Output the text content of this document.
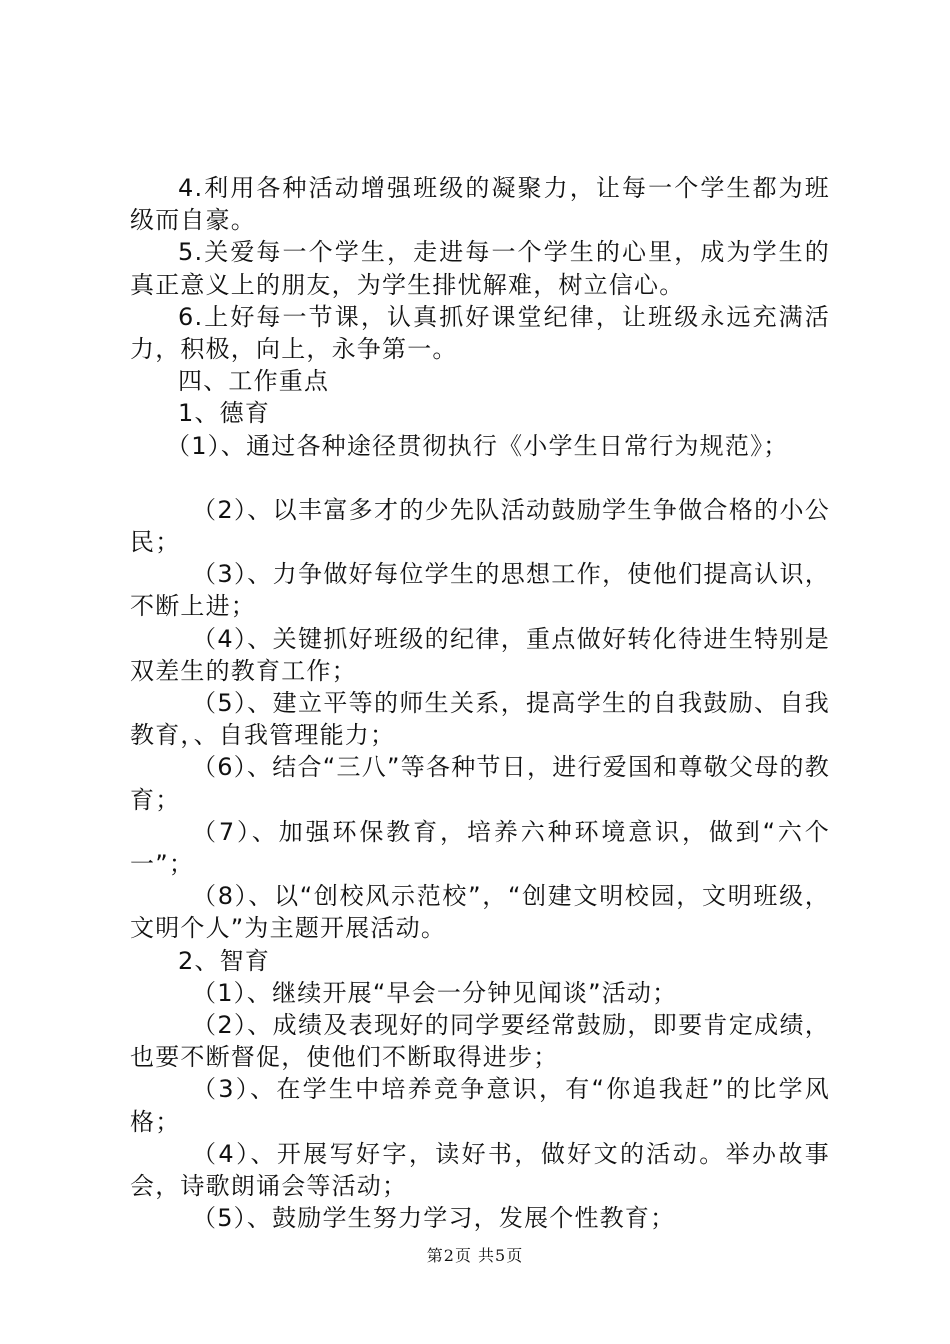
4.利用各种活动增强班级的凝聚力，让每一个学生都为班级而自豪。

5.关爱每一个学生，走进每一个学生的心里，成为学生的真正意义上的朋友，为学生排忧解难，树立信心。

6.上好每一节课，认真抓好课堂纪律，让班级永远充满活力，积极，向上，永争第一。

四、工作重点

1、德育

（1）、通过各种途径贯彻执行《小学生日常行为规范》；

（2）、以丰富多才的少先队活动鼓励学生争做合格的小公民；

（3）、力争做好每位学生的思想工作，使他们提高认识，不断上进；

（4）、关键抓好班级的纪律，重点做好转化待进生特别是双差生的教育工作；

（5）、建立平等的师生关系，提高学生的自我鼓励、自我教育，、自我管理能力；

（6）、结合“三八”等各种节日，进行爱国和尊敬父母的教育；

（7）、加强环保教育，培养六种环境意识，做到“六个一”；

（8）、以“创校风示范校”，“创建文明校园，文明班级，文明个人”为主题开展活动。

2、智育

（1）、继续开展“早会一分钟见闻谈”活动；

（2）、成绩及表现好的同学要经常鼓励，即要肯定成绩，也要不断督促，使他们不断取得进步；

（3）、在学生中培养竞争意识，有“你追我赶”的比学风格；

（4）、开展写好字，读好书，做好文的活动。举办故事会，诗歌朗诵会等活动；

（5）、鼓励学生努力学习，发展个性教育；

第2页 共5页
